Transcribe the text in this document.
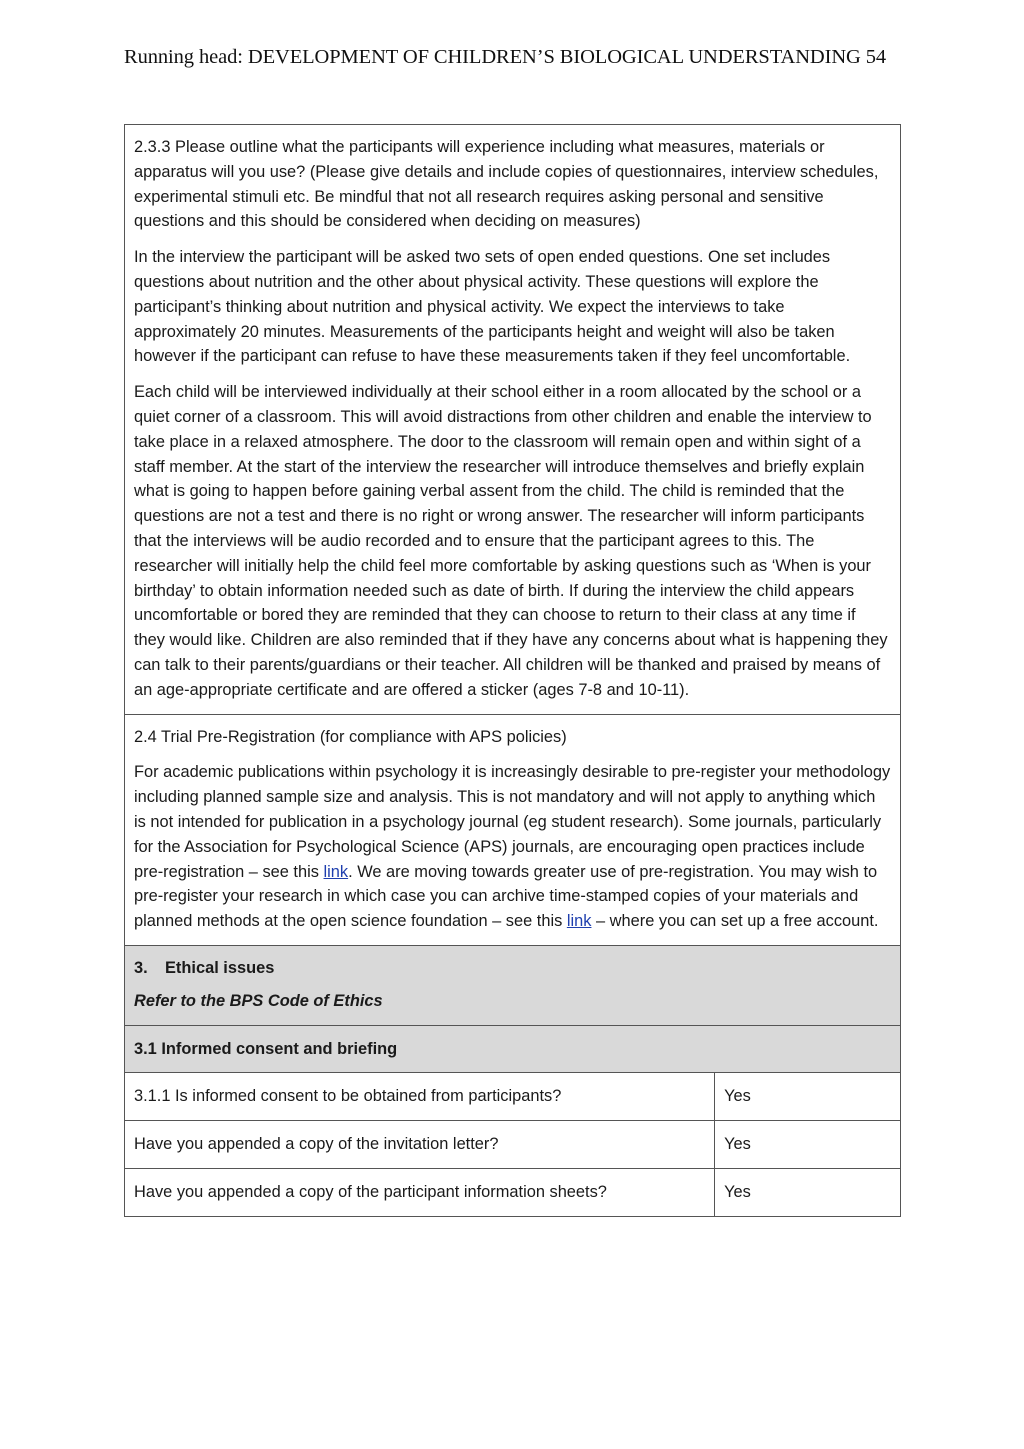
Running head: DEVELOPMENT OF CHILDREN’S BIOLOGICAL UNDERSTANDING 54

2.3.3 Please outline what the participants will experience including what measures, materials or apparatus will you use? (Please give details and include copies of questionnaires, interview schedules, experimental stimuli etc. Be mindful that not all research requires asking personal and sensitive questions and this should be considered when deciding on measures)

In the interview the participant will be asked two sets of open ended questions. One set includes questions about nutrition and the other about physical activity. These questions will explore the participant’s thinking about nutrition and physical activity. We expect the interviews to take approximately 20 minutes. Measurements of the participants height and weight will also be taken however if the participant can refuse to have these measurements taken if they feel uncomfortable.

Each child will be interviewed individually at their school either in a room allocated by the school or a quiet corner of a classroom. This will avoid distractions from other children and enable the interview to take place in a relaxed atmosphere. The door to the classroom will remain open and within sight of a staff member. At the start of the interview the researcher will introduce themselves and briefly explain what is going to happen before gaining verbal assent from the child. The child is reminded that the questions are not a test and there is no right or wrong answer. The researcher will inform participants that the interviews will be audio recorded and to ensure that the participant agrees to this. The researcher will initially help the child feel more comfortable by asking questions such as ‘When is your birthday’ to obtain information needed such as date of birth. If during the interview the child appears uncomfortable or bored they are reminded that they can choose to return to their class at any time if they would like. Children are also reminded that if they have any concerns about what is happening they can talk to their parents/guardians or their teacher. All children will be thanked and praised by means of an age-appropriate certificate and are offered a sticker (ages 7-8 and 10-11).	

2.4 Trial Pre-Registration (for compliance with APS policies)

For academic publications within psychology it is increasingly desirable to pre-register your methodology including planned sample size and analysis. This is not mandatory and will not apply to anything which is not intended for publication in a psychology journal (eg student research). Some journals, particularly for the Association for Psychological Science (APS) journals, are encouraging open practices include pre-registration – see this link. We are moving towards greater use of pre-registration. You may wish to pre-register your research in which case you can archive time-stamped copies of your materials and planned methods at the open science foundation – see this link – where you can set up a free account.	

3. Ethical issues

Refer to the BPS Code of Ethics	

3.1 Informed consent and briefing	
3.1.1 Is informed consent to be obtained from participants?	Yes
Have you appended a copy of the invitation letter?	Yes
Have you appended a copy of the participant information sheets?	Yes
